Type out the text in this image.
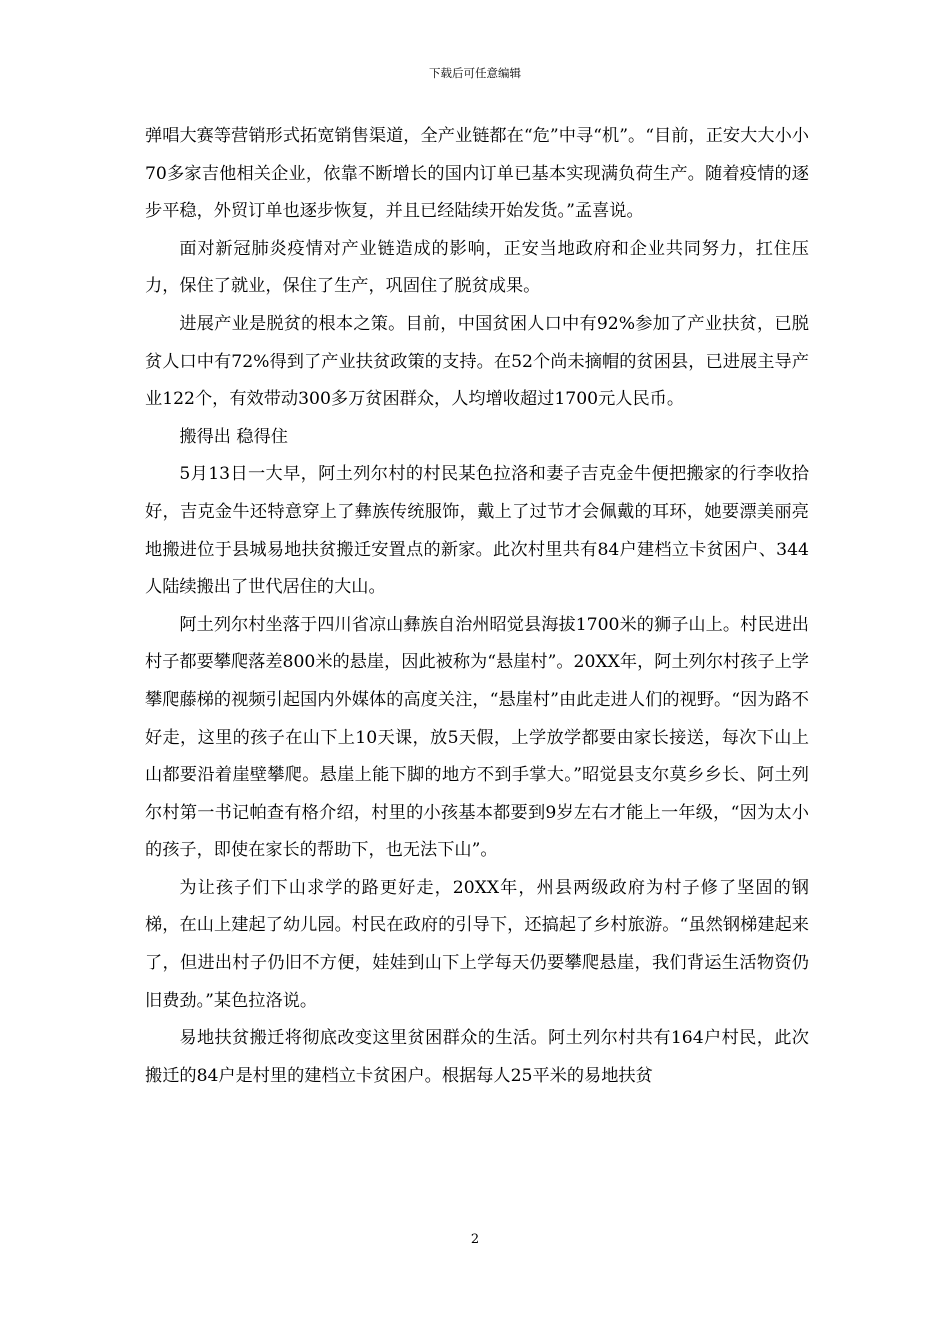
下载后可任意编辑

弹唱大赛等营销形式拓宽销售渠道，全产业链都在“危”中寻“机”。“目前，正安大大小小70多家吉他相关企业，依靠不断增长的国内订单已基本实现满负荷生产。随着疫情的逐步平稳，外贸订单也逐步恢复，并且已经陆续开始发货。”孟喜说。

面对新冠肺炎疫情对产业链造成的影响，正安当地政府和企业共同努力，扛住压力，保住了就业，保住了生产，巩固住了脱贫成果。

进展产业是脱贫的根本之策。目前，中国贫困人口中有92%参加了产业扶贫，已脱贫人口中有72%得到了产业扶贫政策的支持。在52个尚未摘帽的贫困县，已进展主导产业122个，有效带动300多万贫困群众，人均增收超过1700元人民币。

搬得出 稳得住

5月13日一大早，阿土列尔村的村民某色拉洛和妻子吉克金牛便把搬家的行李收拾好，吉克金牛还特意穿上了彝族传统服饰，戴上了过节才会佩戴的耳环，她要漂美丽亮地搬进位于县城易地扶贫搬迁安置点的新家。此次村里共有84户建档立卡贫困户、344人陆续搬出了世代居住的大山。

阿土列尔村坐落于四川省凉山彝族自治州昭觉县海拔1700米的狮子山上。村民进出村子都要攀爬落差800米的悬崖，因此被称为“悬崖村”。20XX年，阿土列尔村孩子上学攀爬藤梯的视频引起国内外媒体的高度关注，“悬崖村”由此走进人们的视野。“因为路不好走，这里的孩子在山下上10天课，放5天假，上学放学都要由家长接送，每次下山上山都要沿着崖壁攀爬。悬崖上能下脚的地方不到手掌大。”昭觉县支尔莫乡乡长、阿土列尔村第一书记帕查有格介绍，村里的小孩基本都要到9岁左右才能上一年级，“因为太小的孩子，即使在家长的帮助下，也无法下山”。

为让孩子们下山求学的路更好走，20XX年，州县两级政府为村子修了坚固的钢梯，在山上建起了幼儿园。村民在政府的引导下，还搞起了乡村旅游。“虽然钢梯建起来了，但进出村子仍旧不方便，娃娃到山下上学每天仍要攀爬悬崖，我们背运生活物资仍旧费劲。”某色拉洛说。

易地扶贫搬迁将彻底改变这里贫困群众的生活。阿土列尔村共有164户村民，此次搬迁的84户是村里的建档立卡贫困户。根据每人25平米的易地扶贫

2
